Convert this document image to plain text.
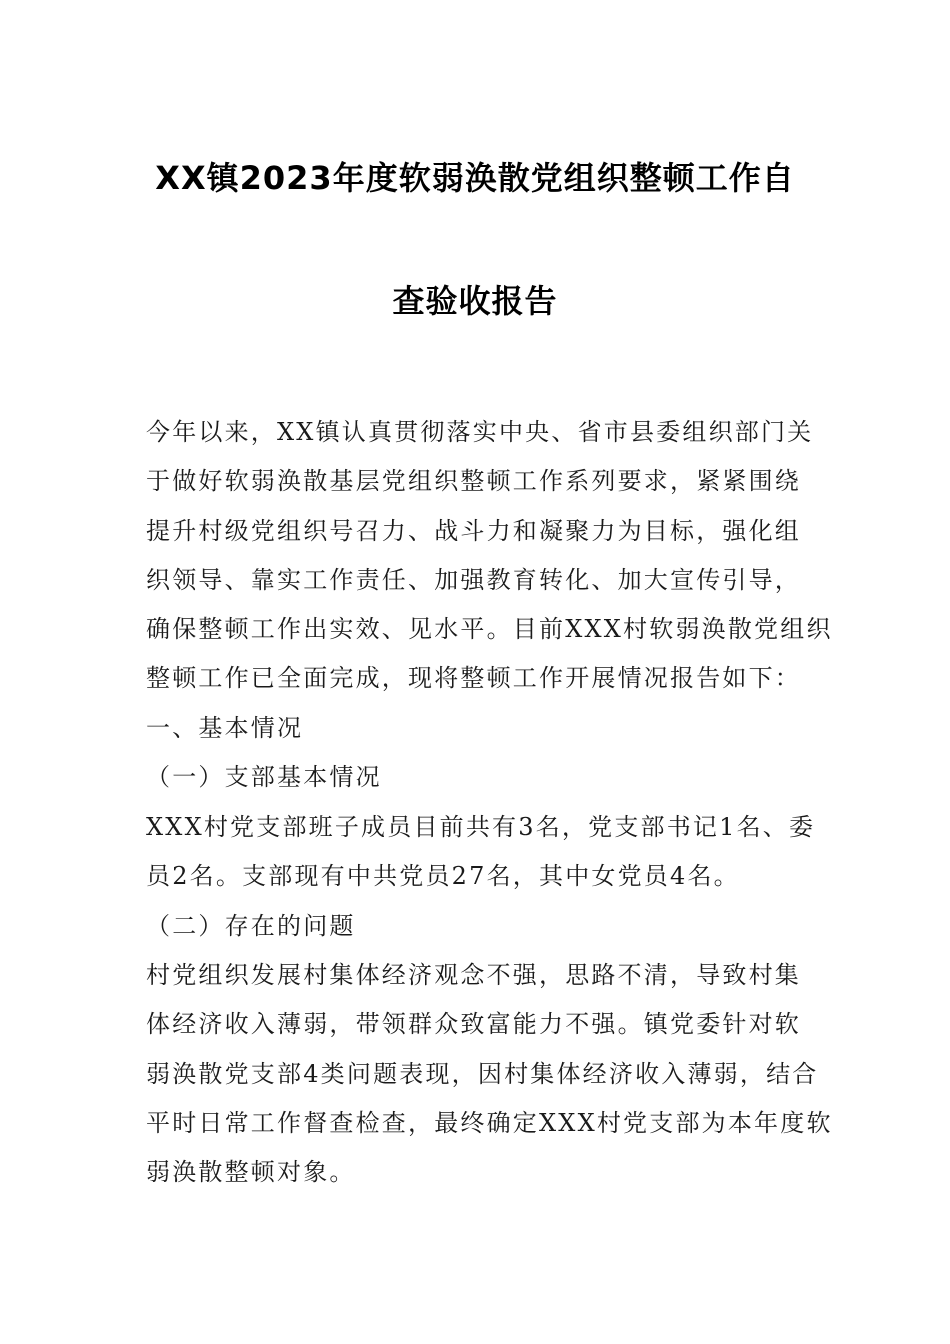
XX镇2023年度软弱涣散党组织整顿工作自
查验收报告
今年以来，XX镇认真贯彻落实中央、省市县委组织部门关
于做好软弱涣散基层党组织整顿工作系列要求，紧紧围绕
提升村级党组织号召力、战斗力和凝聚力为目标，强化组
织领导、靠实工作责任、加强教育转化、加大宣传引导，
确保整顿工作出实效、见水平。目前XXX村软弱涣散党组织
整顿工作已全面完成，现将整顿工作开展情况报告如下：
一、基本情况
（一）支部基本情况
XXX村党支部班子成员目前共有3名，党支部书记1名、委
员2名。支部现有中共党员27名，其中女党员4名。
（二）存在的问题
村党组织发展村集体经济观念不强，思路不清，导致村集
体经济收入薄弱，带领群众致富能力不强。镇党委针对软
弱涣散党支部4类问题表现，因村集体经济收入薄弱，结合
平时日常工作督查检查，最终确定XXX村党支部为本年度软
弱涣散整顿对象。
